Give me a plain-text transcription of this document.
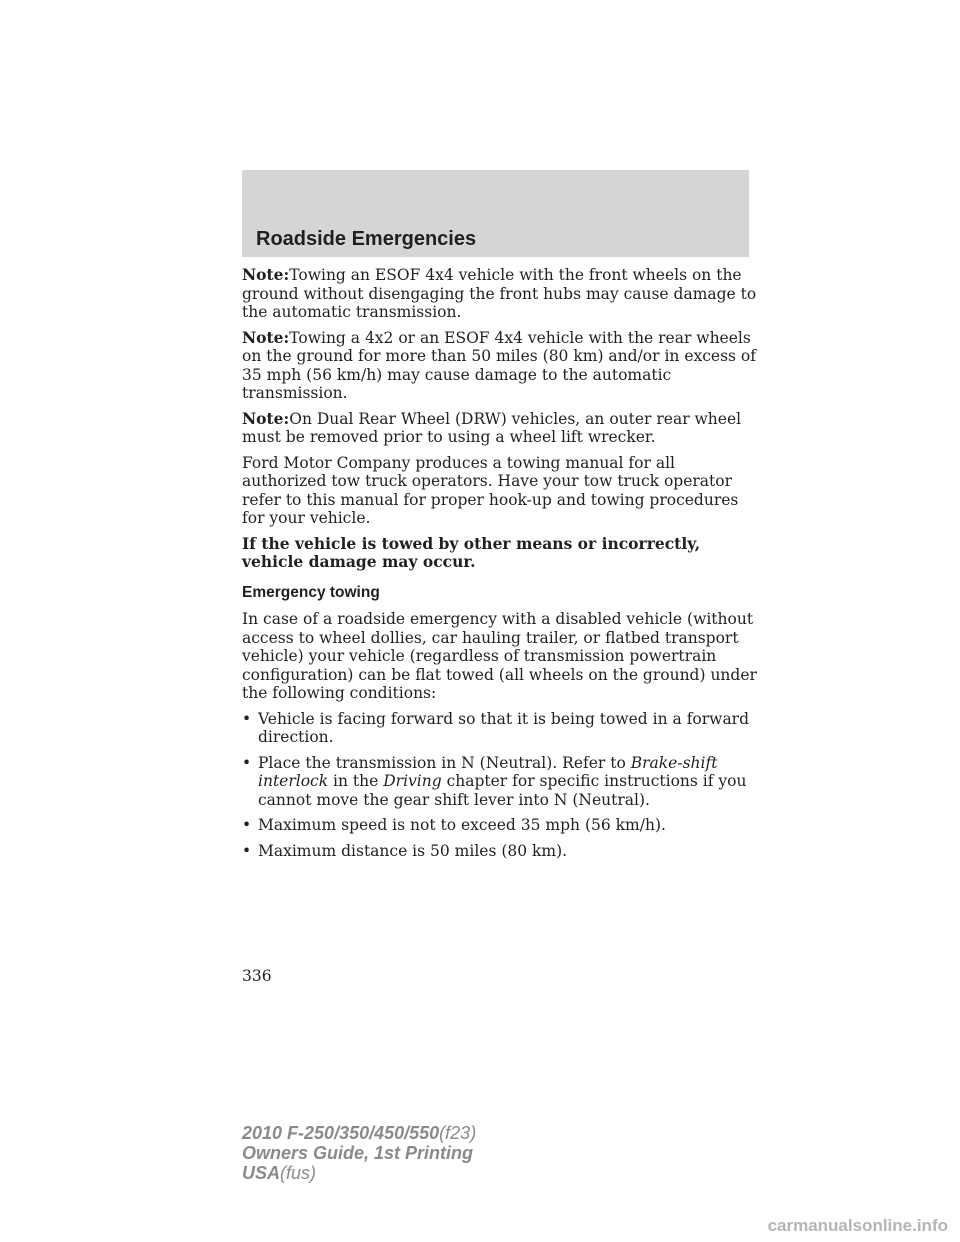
Roadside Emergencies

Note:Towing an ESOF 4x4 vehicle with the front wheels on the ground without disengaging the front hubs may cause damage to the automatic transmission.

Note:Towing a 4x2 or an ESOF 4x4 vehicle with the rear wheels on the ground for more than 50 miles (80 km) and/or in excess of 35 mph (56 km/h) may cause damage to the automatic transmission.

Note:On Dual Rear Wheel (DRW) vehicles, an outer rear wheel must be removed prior to using a wheel lift wrecker.

Ford Motor Company produces a towing manual for all authorized tow truck operators. Have your tow truck operator refer to this manual for proper hook-up and towing procedures for your vehicle.

If the vehicle is towed by other means or incorrectly, vehicle damage may occur.

Emergency towing

In case of a roadside emergency with a disabled vehicle (without access to wheel dollies, car hauling trailer, or flatbed transport vehicle) your vehicle (regardless of transmission powertrain configuration) can be flat towed (all wheels on the ground) under the following conditions:

• Vehicle is facing forward so that it is being towed in a forward direction.
• Place the transmission in N (Neutral). Refer to Brake-shift interlock in the Driving chapter for specific instructions if you cannot move the gear shift lever into N (Neutral).
• Maximum speed is not to exceed 35 mph (56 km/h).
• Maximum distance is 50 miles (80 km).
336
2010 F-250/350/450/550(f23)
Owners Guide, 1st Printing
USA(fus)
carmanualsonline.info
